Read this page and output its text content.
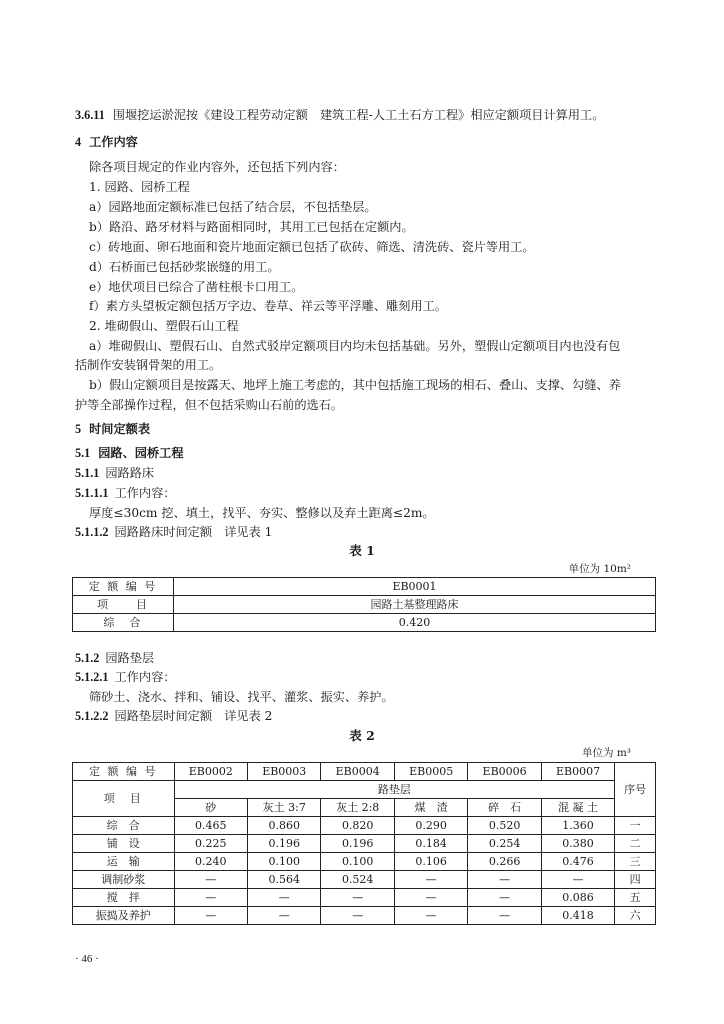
3.6.11 围堰挖运淤泥按《建设工程劳动定额　建筑工程-人工土石方工程》相应定额项目计算用工。
4 工作内容
除各项目规定的作业内容外，还包括下列内容：
1. 园路、园桥工程
a）园路地面定额标准已包括了结合层，不包括垫层。
b）路沿、路牙材料与路面相同时，其用工已包括在定额内。
c）砖地面、卵石地面和瓷片地面定额已包括了砍砖、筛选、清洗砖、瓷片等用工。
d）石桥面已包括砂浆嵌缝的用工。
e）地伏项目已综合了凿柱根卡口用工。
f）素方头望板定额包括万字边、卷草、祥云等平浮雕、雕刻用工。
2. 堆砌假山、塑假石山工程
a）堆砌假山、塑假石山、自然式驳岸定额项目内均未包括基础。另外，塑假山定额项目内也没有包
括制作安装钢骨架的用工。
b）假山定额项目是按露天、地坪上施工考虑的，其中包括施工现场的相石、叠山、支撑、勾缝、养
护等全部操作过程，但不包括采购山石前的选石。
5 时间定额表
5.1 园路、园桥工程
5.1.1 园路路床
5.1.1.1 工作内容：
厚度≤30cm 挖、填土，找平、夯实、整修以及弃土距离≤2m。
5.1.1.2 园路路床时间定额　详见表 1
表 1
单位为 10m²
定 额 编 号	EB0001
项　　目	园路土基整理路床
综　合	0.420
5.1.2 园路垫层
5.1.2.1 工作内容：
筛砂土、浇水、拌和、铺设、找平、灌浆、振实、养护。
5.1.2.2 园路垫层时间定额　详见表 2
表 2
单位为 m³
定 额 编 号	EB0002	EB0003	EB0004	EB0005	EB0006	EB0007	序号
项　目	路垫层						
	砂	灰土 3:7	灰土 2:8	煤　渣	碎　石	混 凝 土	
综　合	0.465	0.860	0.820	0.290	0.520	1.360	一
铺　设	0.225	0.196	0.196	0.184	0.254	0.380	二
运　输	0.240	0.100	0.100	0.106	0.266	0.476	三
调制砂浆	—	0.564	0.524	—	—	—	四
搅　拌	—	—	—	—	—	0.086	五
振捣及养护	—	—	—	—	—	0.418	六
· 46 ·
